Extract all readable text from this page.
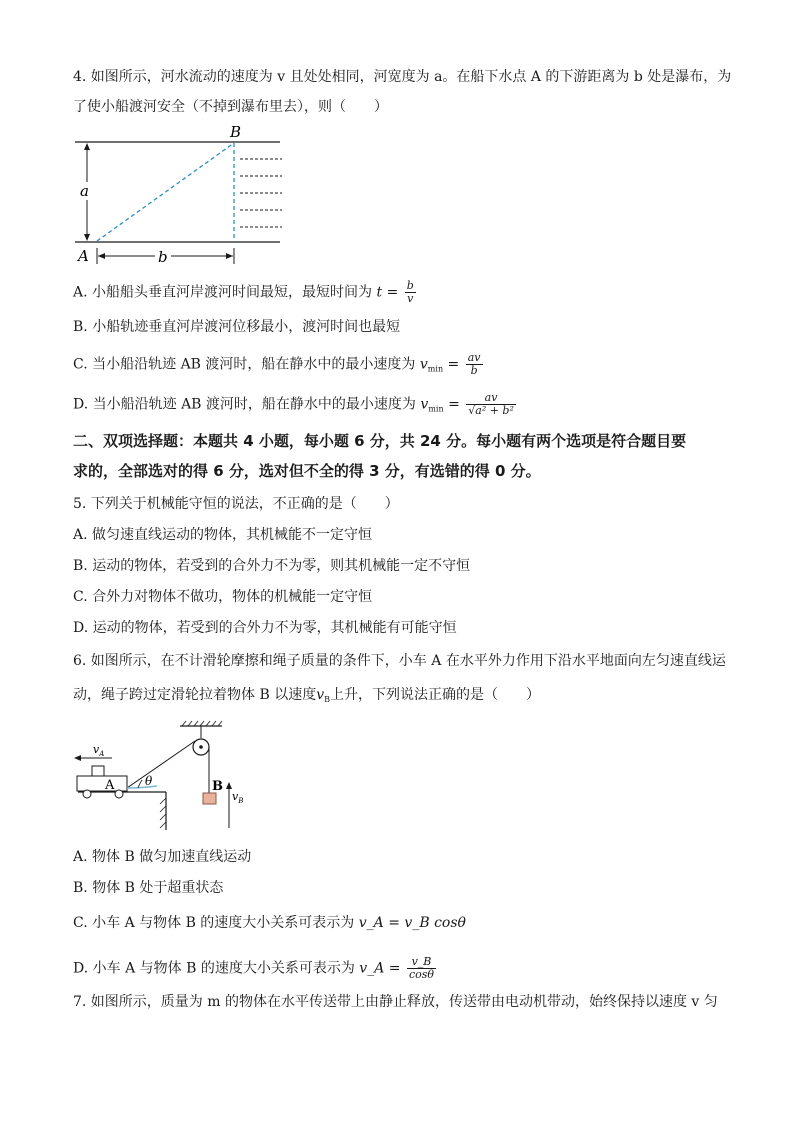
4. 如图所示，河水流动的速度为 v 且处处相同，河宽度为 a。在船下水点 A 的下游距离为 b 处是瀑布，为
了使小船渡河安全（不掉到瀑布里去），则（　　）
B
a
A	b
A. 小船船头垂直河岸渡河时间最短，最短时间为 $t = \frac{b}{v}$
B. 小船轨迹垂直河岸渡河位移最小，渡河时间也最短
C. 当小船沿轨迹 AB 渡河时，船在静水中的最小速度为 $v_{min} = \frac{av}{b}$
D. 当小船沿轨迹 AB 渡河时，船在静水中的最小速度为 $v_{min} = \frac{av}{\text{√a² + b²}}$
二、双项选择题：本题共 4 小题，每小题 6 分，共 24 分。每小题有两个选项是符合题目要
求的，全部选对的得 6 分，选对但不全的得 3 分，有选错的得 0 分。
5. 下列关于机械能守恒的说法，不正确的是（　　）
A. 做匀速直线运动的物体，其机械能不一定守恒
B. 运动的物体，若受到的合外力不为零，则其机械能一定不守恒
C. 合外力对物体不做功，物体的机械能一定守恒
D. 运动的物体，若受到的合外力不为零，其机械能有可能守恒
6. 如图所示，在不计滑轮摩擦和绳子质量的条件下，小车 A 在水平外力作用下沿水平地面向左匀速直线运
动，绳子跨过定滑轮拉着物体 B 以速度$v_B$上升，下列说法正确的是（　　）
$v_A$
A	θ	B
$v_B$
A. 物体 B 做匀加速直线运动
B. 物体 B 处于超重状态
C. 小车 A 与物体 B 的速度大小关系可表示为 v_A = v_B cosθ
D. 小车 A 与物体 B 的速度大小关系可表示为 v_A = $\frac{v\_B}{\cos\theta}$
7. 如图所示，质量为 m 的物体在水平传送带上由静止释放，传送带由电动机带动，始终保持以速度 v 匀
